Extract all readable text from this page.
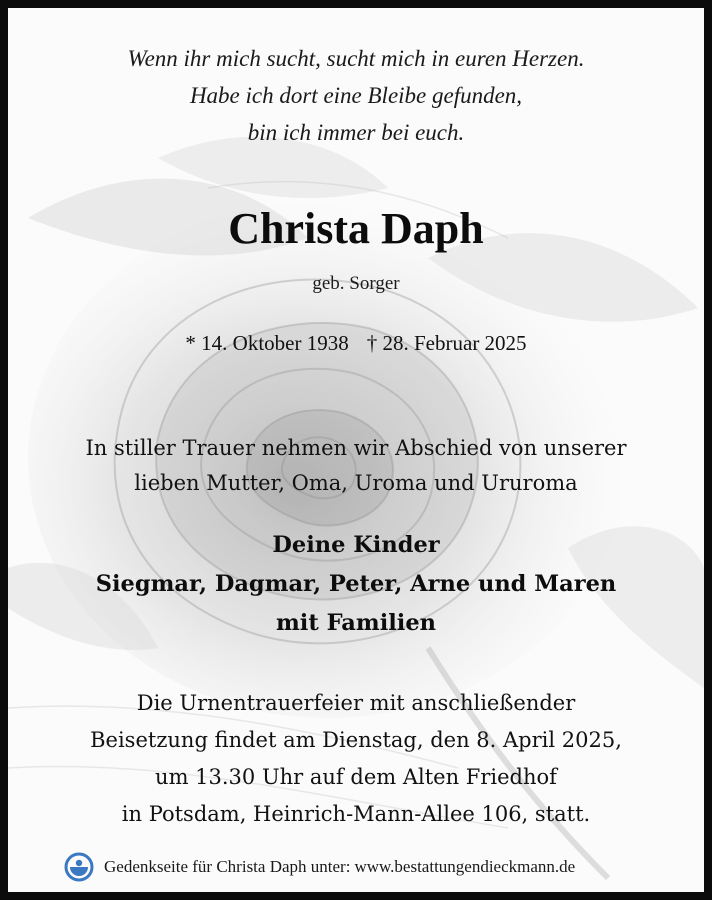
Wenn ihr mich sucht, sucht mich in euren Herzen.
Habe ich dort eine Bleibe gefunden,
bin ich immer bei euch.
Christa Daph
geb. Sorger
* 14. Oktober 1938 † 28. Februar 2025
In stiller Trauer nehmen wir Abschied von unserer
lieben Mutter, Oma, Uroma und Ururoma
Deine Kinder
Siegmar, Dagmar, Peter, Arne und Maren
mit Familien
Die Urnentrauerfeier mit anschließender
Beisetzung findet am Dienstag, den 8. April 2025,
um 13.30 Uhr auf dem Alten Friedhof
in Potsdam, Heinrich-Mann-Allee 106, statt.
Gedenkseite für Christa Daph unter: www.bestattungendieckmann.de
